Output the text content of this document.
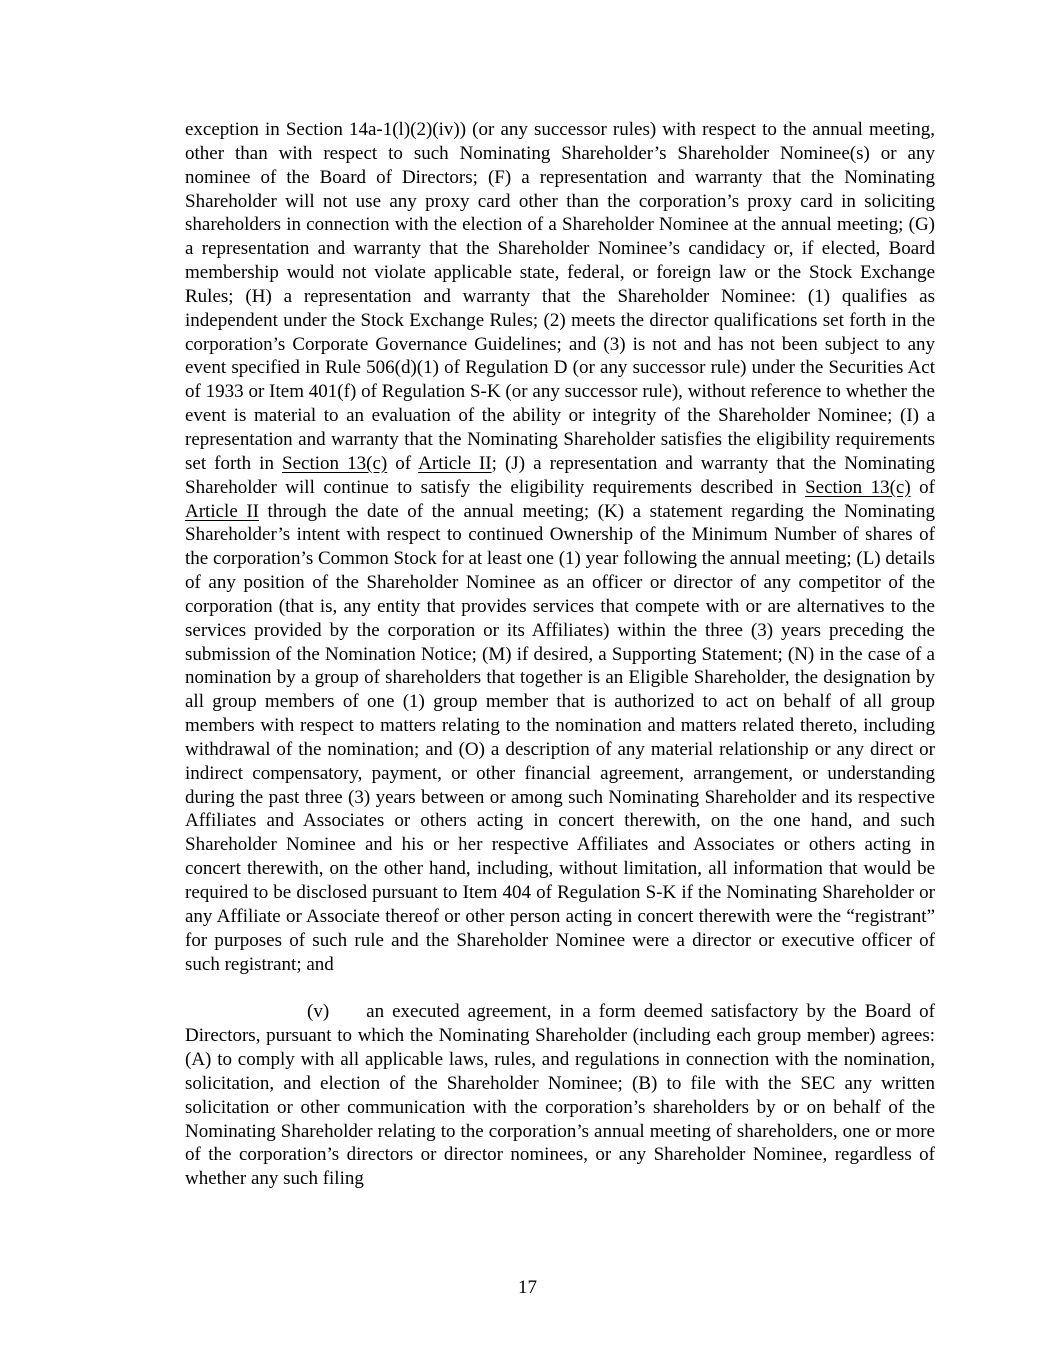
exception in Section 14a-1(l)(2)(iv)) (or any successor rules) with respect to the annual meeting, other than with respect to such Nominating Shareholder’s Shareholder Nominee(s) or any nominee of the Board of Directors; (F) a representation and warranty that the Nominating Shareholder will not use any proxy card other than the corporation’s proxy card in soliciting shareholders in connection with the election of a Shareholder Nominee at the annual meeting; (G) a representation and warranty that the Shareholder Nominee’s candidacy or, if elected, Board membership would not violate applicable state, federal, or foreign law or the Stock Exchange Rules; (H) a representation and warranty that the Shareholder Nominee: (1) qualifies as independent under the Stock Exchange Rules; (2) meets the director qualifications set forth in the corporation’s Corporate Governance Guidelines; and (3) is not and has not been subject to any event specified in Rule 506(d)(1) of Regulation D (or any successor rule) under the Securities Act of 1933 or Item 401(f) of Regulation S-K (or any successor rule), without reference to whether the event is material to an evaluation of the ability or integrity of the Shareholder Nominee; (I) a representation and warranty that the Nominating Shareholder satisfies the eligibility requirements set forth in Section 13(c) of Article II; (J) a representation and warranty that the Nominating Shareholder will continue to satisfy the eligibility requirements described in Section 13(c) of Article II through the date of the annual meeting; (K) a statement regarding the Nominating Shareholder’s intent with respect to continued Ownership of the Minimum Number of shares of the corporation’s Common Stock for at least one (1) year following the annual meeting; (L) details of any position of the Shareholder Nominee as an officer or director of any competitor of the corporation (that is, any entity that provides services that compete with or are alternatives to the services provided by the corporation or its Affiliates) within the three (3) years preceding the submission of the Nomination Notice; (M) if desired, a Supporting Statement; (N) in the case of a nomination by a group of shareholders that together is an Eligible Shareholder, the designation by all group members of one (1) group member that is authorized to act on behalf of all group members with respect to matters relating to the nomination and matters related thereto, including withdrawal of the nomination; and (O) a description of any material relationship or any direct or indirect compensatory, payment, or other financial agreement, arrangement, or understanding during the past three (3) years between or among such Nominating Shareholder and its respective Affiliates and Associates or others acting in concert therewith, on the one hand, and such Shareholder Nominee and his or her respective Affiliates and Associates or others acting in concert therewith, on the other hand, including, without limitation, all information that would be required to be disclosed pursuant to Item 404 of Regulation S-K if the Nominating Shareholder or any Affiliate or Associate thereof or other person acting in concert therewith were the “registrant” for purposes of such rule and the Shareholder Nominee were a director or executive officer of such registrant; and

(v) an executed agreement, in a form deemed satisfactory by the Board of Directors, pursuant to which the Nominating Shareholder (including each group member) agrees: (A) to comply with all applicable laws, rules, and regulations in connection with the nomination, solicitation, and election of the Shareholder Nominee; (B) to file with the SEC any written solicitation or other communication with the corporation’s shareholders by or on behalf of the Nominating Shareholder relating to the corporation’s annual meeting of shareholders, one or more of the corporation’s directors or director nominees, or any Shareholder Nominee, regardless of whether any such filing

17
